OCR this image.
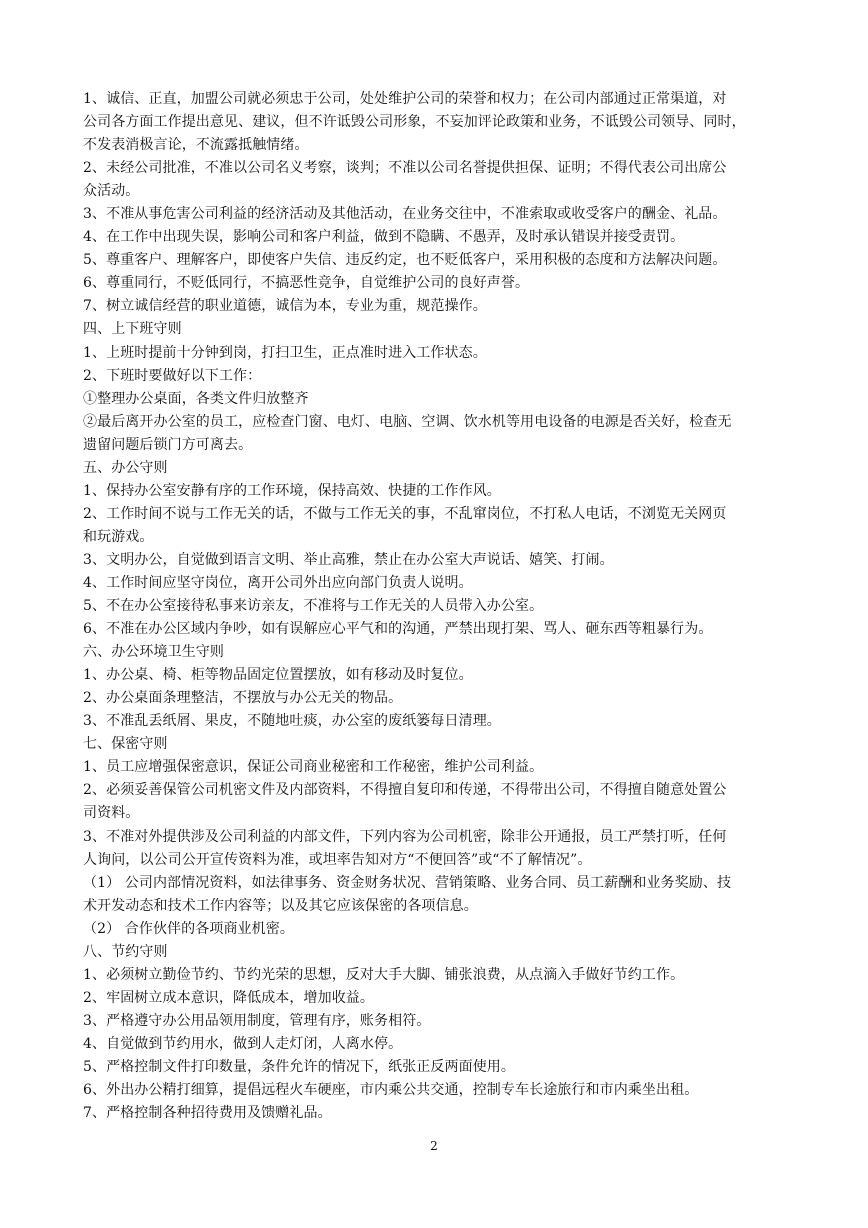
1、诚信、正直，加盟公司就必须忠于公司，处处维护公司的荣誉和权力；在公司内部通过正常渠道，对
公司各方面工作提出意见、建议，但不许诋毁公司形象，不妄加评论政策和业务，不诋毁公司领导、同时，
不发表消极言论，不流露抵触情绪。
2、未经公司批准，不准以公司名义考察，谈判；不准以公司名誉提供担保、证明；不得代表公司出席公
众活动。
3、不准从事危害公司利益的经济活动及其他活动，在业务交往中，不准索取或收受客户的酬金、礼品。
4、在工作中出现失误，影响公司和客户利益，做到不隐瞒、不愚弄，及时承认错误并接受责罚。
5、尊重客户、理解客户，即使客户失信、违反约定，也不贬低客户，采用积极的态度和方法解决问题。
6、尊重同行，不贬低同行，不搞恶性竞争，自觉维护公司的良好声誉。
7、树立诚信经营的职业道德，诚信为本，专业为重，规范操作。
四、上下班守则
1、上班时提前十分钟到岗，打扫卫生，正点准时进入工作状态。
2、下班时要做好以下工作：
①整理办公桌面，各类文件归放整齐
②最后离开办公室的员工，应检查门窗、电灯、电脑、空调、饮水机等用电设备的电源是否关好，检查无
遗留问题后锁门方可离去。
五、办公守则
1、保持办公室安静有序的工作环境，保持高效、快捷的工作作风。
2、工作时间不说与工作无关的话，不做与工作无关的事，不乱窜岗位，不打私人电话，不浏览无关网页
和玩游戏。
3、文明办公，自觉做到语言文明、举止高雅，禁止在办公室大声说话、嬉笑、打闹。
4、工作时间应坚守岗位，离开公司外出应向部门负责人说明。
5、不在办公室接待私事来访亲友，不准将与工作无关的人员带入办公室。
6、不准在办公区域内争吵，如有误解应心平气和的沟通，严禁出现打架、骂人、砸东西等粗暴行为。
六、办公环境卫生守则
1、办公桌、椅、柜等物品固定位置摆放，如有移动及时复位。
2、办公桌面条理整洁，不摆放与办公无关的物品。
3、不准乱丢纸屑、果皮，不随地吐痰，办公室的废纸篓每日清理。
七、保密守则
1、员工应增强保密意识，保证公司商业秘密和工作秘密，维护公司利益。
2、必须妥善保管公司机密文件及内部资料，不得擅自复印和传递，不得带出公司，不得擅自随意处置公
司资料。
3、不准对外提供涉及公司利益的内部文件，下列内容为公司机密，除非公开通报，员工严禁打听，任何
人询问，以公司公开宣传资料为准，或坦率告知对方“不便回答”或“不了解情况”。
（1） 公司内部情况资料，如法律事务、资金财务状况、营销策略、业务合同、员工薪酬和业务奖励、技
术开发动态和技术工作内容等；以及其它应该保密的各项信息。
（2） 合作伙伴的各项商业机密。
八、节约守则
1、必须树立勤俭节约、节约光荣的思想，反对大手大脚、铺张浪费，从点滴入手做好节约工作。
2、牢固树立成本意识，降低成本，增加收益。
3、严格遵守办公用品领用制度，管理有序，账务相符。
4、自觉做到节约用水，做到人走灯闭，人离水停。
5、严格控制文件打印数量，条件允许的情况下，纸张正反两面使用。
6、外出办公精打细算，提倡远程火车硬座，市内乘公共交通，控制专车长途旅行和市内乘坐出租。
7、严格控制各种招待费用及馈赠礼品。
2
